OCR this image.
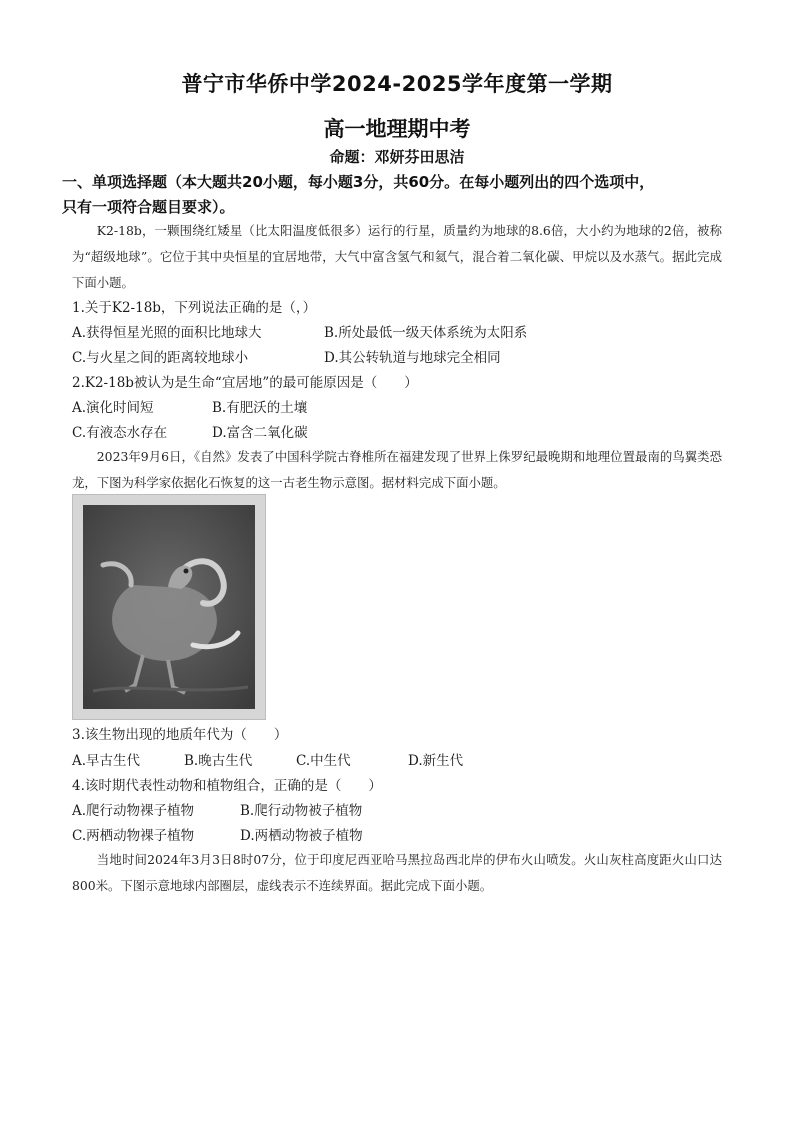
普宁市华侨中学2024-2025学年度第一学期
高一地理期中考
命题：邓妍芬田思洁
一、单项选择题（本大题共20小题，每小题3分，共60分。在每小题列出的四个选项中，
只有一项符合题目要求）。
K2-18b，一颗围绕红矮星（比太阳温度低很多）运行的行星，质量约为地球的8.6倍，大小约为地球的2倍，被称为“超级地球”。它位于其中央恒星的宜居地带，大气中富含氢气和氦气，混合着二氧化碳、甲烷以及水蒸气。据此完成下面小题。
1.关于K2-18b，下列说法正确的是（，）
A.获得恒星光照的面积比地球大	B.所处最低一级天体系统为太阳系
C.与火星之间的距离较地球小	D.其公转轨道与地球完全相同
2.K2-18b被认为是生命“宜居地”的最可能原因是（　　）
A.演化时间短	B.有肥沃的土壤
C.有液态水存在	D.富含二氧化碳
2023年9月6日，《自然》发表了中国科学院古脊椎所在福建发现了世界上侏罗纪最晚期和地理位置最南的鸟翼类恐龙，下图为科学家依据化石恢复的这一古老生物示意图。据材料完成下面小题。
3.该生物出现的地质年代为（　　）
A.早古生代	B.晚古生代	C.中生代	D.新生代
4.该时期代表性动物和植物组合，正确的是（　　）
A.爬行动物裸子植物	B.爬行动物被子植物
C.两栖动物裸子植物	D.两栖动物被子植物
当地时间2024年3月3日8时07分，位于印度尼西亚哈马黑拉岛西北岸的伊布火山喷发。火山灰柱高度距火山口达800米。下图示意地球内部圈层，虚线表示不连续界面。据此完成下面小题。
